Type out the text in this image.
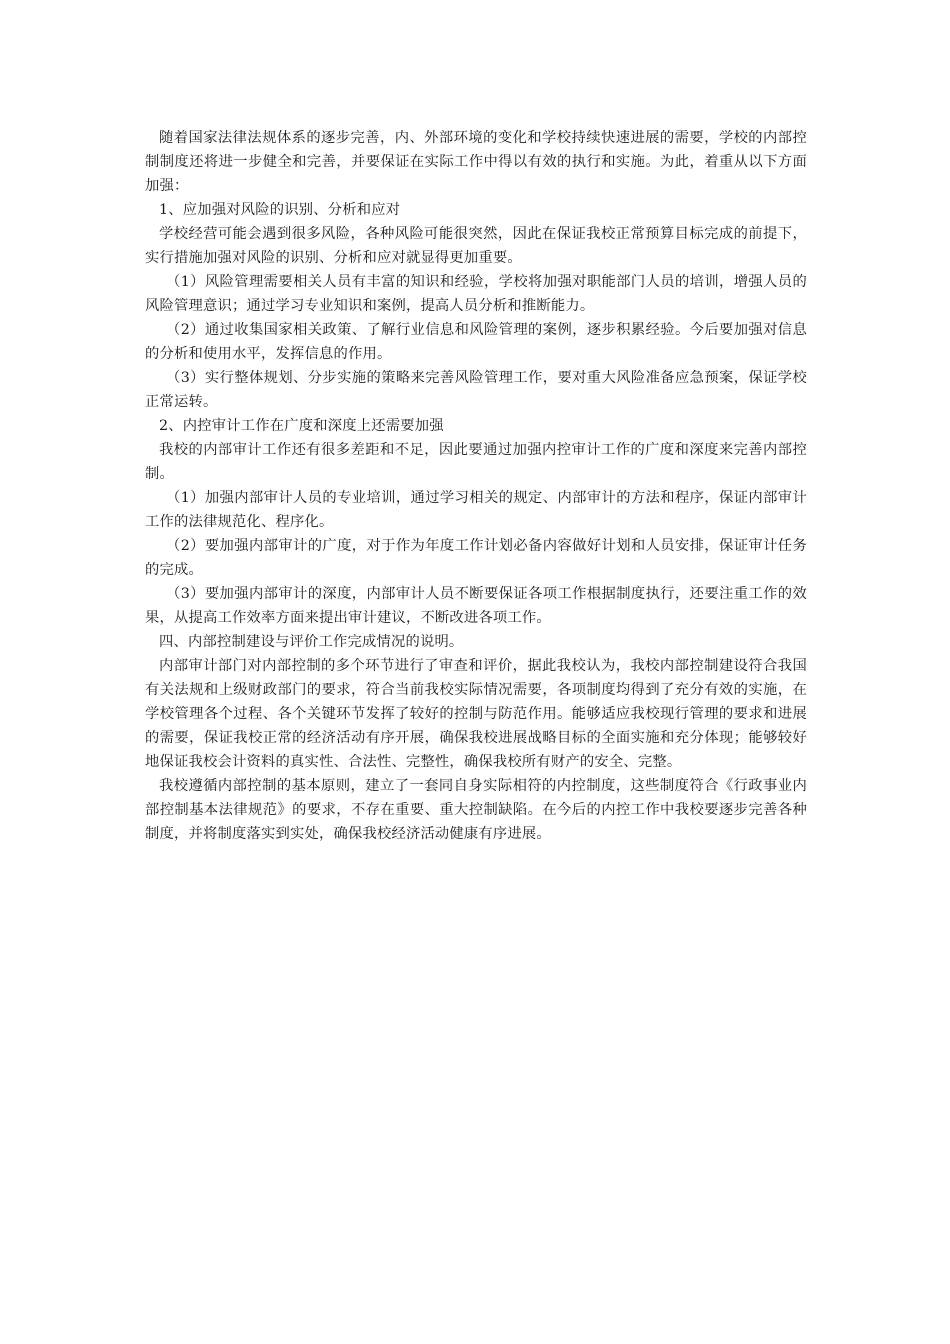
随着国家法律法规体系的逐步完善，内、外部环境的变化和学校持续快速进展的需要，学校的内部控制制度还将进一步健全和完善，并要保证在实际工作中得以有效的执行和实施。为此，着重从以下方面加强：

1、应加强对风险的识别、分析和应对

学校经营可能会遇到很多风险，各种风险可能很突然，因此在保证我校正常预算目标完成的前提下，实行措施加强对风险的识别、分析和应对就显得更加重要。

（1）风险管理需要相关人员有丰富的知识和经验，学校将加强对职能部门人员的培训，增强人员的风险管理意识；通过学习专业知识和案例，提高人员分析和推断能力。

（2）通过收集国家相关政策、了解行业信息和风险管理的案例，逐步积累经验。今后要加强对信息的分析和使用水平，发挥信息的作用。

（3）实行整体规划、分步实施的策略来完善风险管理工作，要对重大风险准备应急预案，保证学校正常运转。

2、内控审计工作在广度和深度上还需要加强

我校的内部审计工作还有很多差距和不足，因此要通过加强内控审计工作的广度和深度来完善内部控制。

（1）加强内部审计人员的专业培训，通过学习相关的规定、内部审计的方法和程序，保证内部审计工作的法律规范化、程序化。

（2）要加强内部审计的广度，对于作为年度工作计划必备内容做好计划和人员安排，保证审计任务的完成。

（3）要加强内部审计的深度，内部审计人员不断要保证各项工作根据制度执行，还要注重工作的效果，从提高工作效率方面来提出审计建议，不断改进各项工作。

四、内部控制建设与评价工作完成情况的说明。

内部审计部门对内部控制的多个环节进行了审查和评价，据此我校认为，我校内部控制建设符合我国有关法规和上级财政部门的要求，符合当前我校实际情况需要，各项制度均得到了充分有效的实施，在学校管理各个过程、各个关键环节发挥了较好的控制与防范作用。能够适应我校现行管理的要求和进展的需要，保证我校正常的经济活动有序开展，确保我校进展战略目标的全面实施和充分体现；能够较好地保证我校会计资料的真实性、合法性、完整性，确保我校所有财产的安全、完整。

我校遵循内部控制的基本原则，建立了一套同自身实际相符的内控制度，这些制度符合《行政事业内部控制基本法律规范》的要求，不存在重要、重大控制缺陷。在今后的内控工作中我校要逐步完善各种制度，并将制度落实到实处，确保我校经济活动健康有序进展。
